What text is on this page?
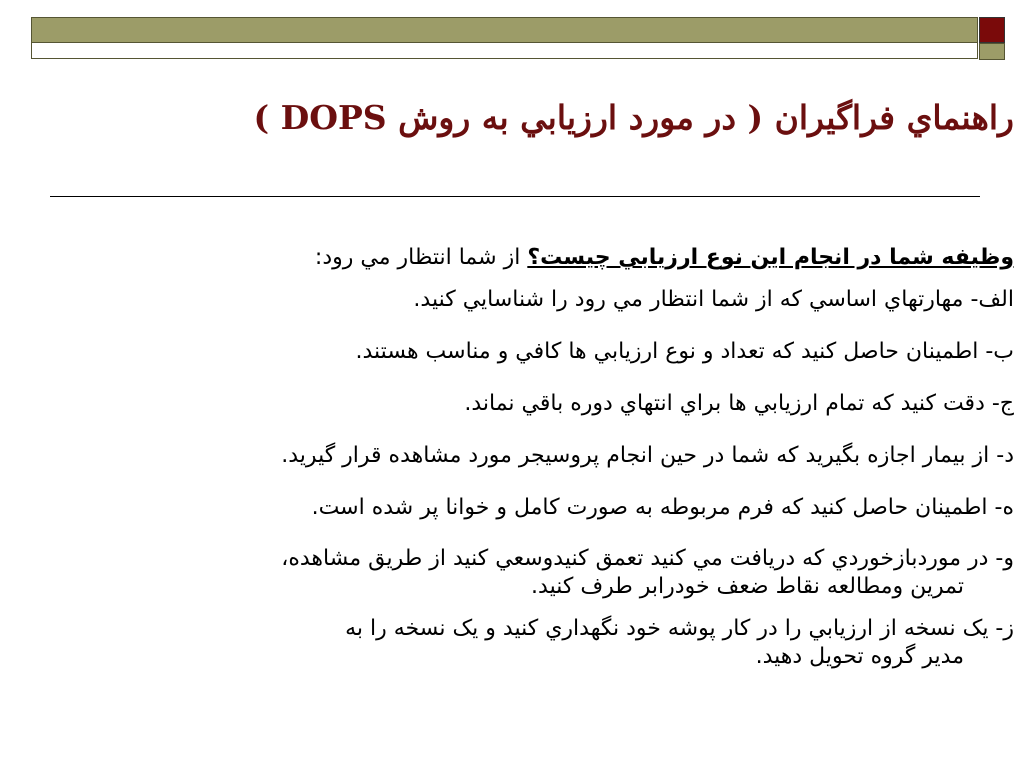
راهنماي فراگيران ( در مورد ارزيابي به روش DOPS )
وظيفه شما در انجام اين نوع ارزيابي چيست؟ از شما انتظار مي رود:
الف- مهارتهاي اساسي كه از شما انتظار مي رود را شناسايي كنيد.
ب- اطمينان حاصل كنيد كه تعداد و نوع ارزيابي ها كافي و مناسب هستند.
ج- دقت كنيد كه تمام ارزيابي ها براي انتهاي دوره باقي نماند.
د- از بيمار اجازه بگيريد كه شما در حين انجام پروسيجر مورد مشاهده قرار گيريد.
ه- اطمينان حاصل كنيد كه فرم مربوطه به صورت كامل و خوانا پر شده است.
و- در موردبازخوردي كه دريافت مي كنيد تعمق كنيدوسعي كنيد از طريق مشاهده،
تمرين ومطالعه نقاط ضعف خودرابر طرف كنيد.
ز- يک نسخه از ارزيابي را در كار پوشه خود نگهداري كنيد و يک نسخه را به
مدير گروه تحويل دهيد.
